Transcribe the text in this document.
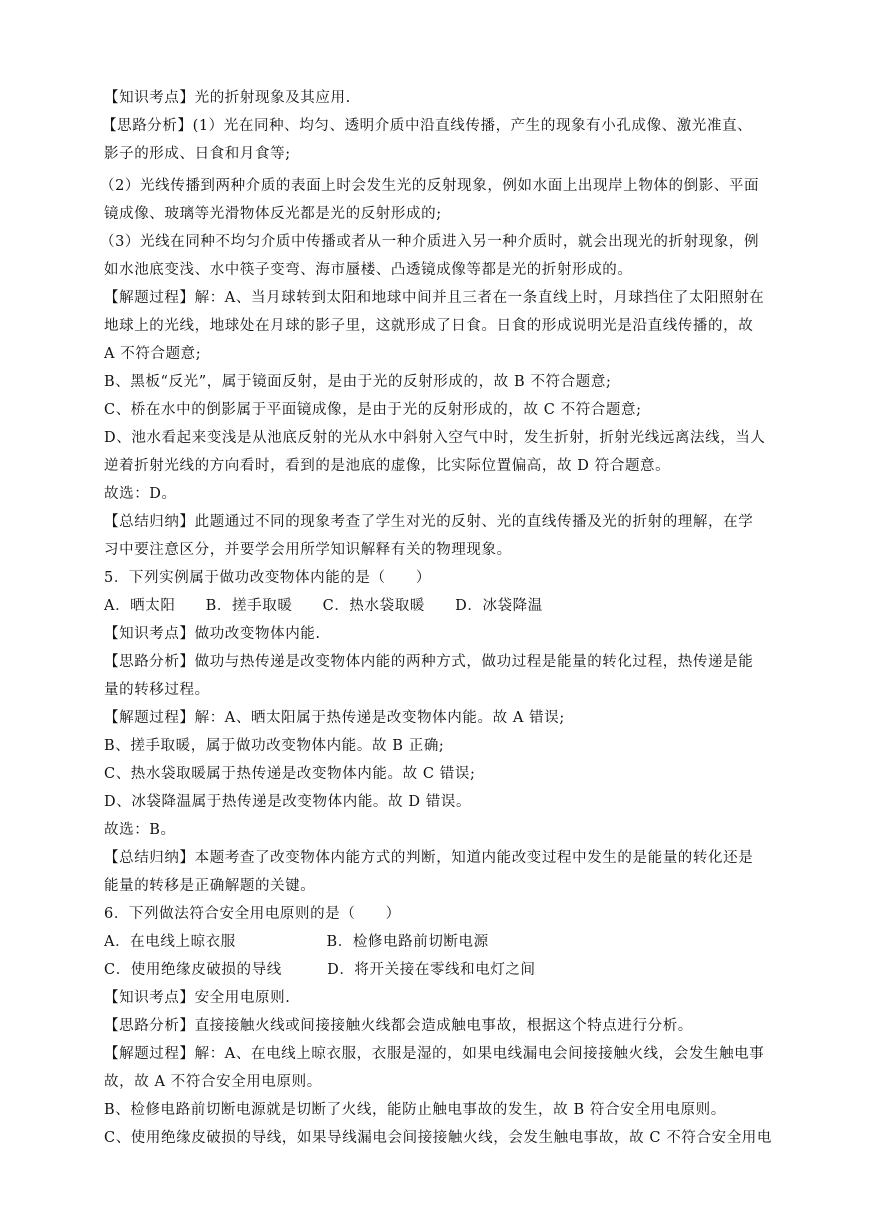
【知识考点】光的折射现象及其应用.
【思路分析】(1）光在同种、均匀、透明介质中沿直线传播，产生的现象有小孔成像、激光准直、
影子的形成、日食和月食等;
（2）光线传播到两种介质的表面上时会发生光的反射现象，例如水面上出现岸上物体的倒影、平面
镜成像、玻璃等光滑物体反光都是光的反射形成的;
（3）光线在同种不均匀介质中传播或者从一种介质进入另一种介质时，就会出现光的折射现象，例
如水池底变浅、水中筷子变弯、海市蜃楼、凸透镜成像等都是光的折射形成的。
【解题过程】解：A、当月球转到太阳和地球中间并且三者在一条直线上时，月球挡住了太阳照射在
地球上的光线，地球处在月球的影子里，这就形成了日食。日食的形成说明光是沿直线传播的，故
A 不符合题意;
B、黑板“反光”，属于镜面反射，是由于光的反射形成的，故 B 不符合题意;
C、桥在水中的倒影属于平面镜成像，是由于光的反射形成的，故 C 不符合题意;
D、池水看起来变浅是从池底反射的光从水中斜射入空气中时，发生折射，折射光线远离法线，当人
逆着折射光线的方向看时，看到的是池底的虚像，比实际位置偏高，故 D 符合题意。
故选：D。
【总结归纳】此题通过不同的现象考查了学生对光的反射、光的直线传播及光的折射的理解，在学
习中要注意区分，并要学会用所学知识解释有关的物理现象。
5．下列实例属于做功改变物体内能的是（　　）
A．晒太阳　　B．搓手取暖　　C．热水袋取暖　　D．冰袋降温
【知识考点】做功改变物体内能.
【思路分析】做功与热传递是改变物体内能的两种方式，做功过程是能量的转化过程，热传递是能
量的转移过程。
【解题过程】解：A、晒太阳属于热传递是改变物体内能。故 A 错误;
B、搓手取暖，属于做功改变物体内能。故 B 正确;
C、热水袋取暖属于热传递是改变物体内能。故 C 错误;
D、冰袋降温属于热传递是改变物体内能。故 D 错误。
故选：B。
【总结归纳】本题考查了改变物体内能方式的判断，知道内能改变过程中发生的是能量的转化还是
能量的转移是正确解题的关键。
6．下列做法符合安全用电原则的是（　　）
A．在电线上晾衣服　　　　　　B．检修电路前切断电源
C．使用绝缘皮破损的导线　　　D．将开关接在零线和电灯之间
【知识考点】安全用电原则.
【思路分析】直接接触火线或间接接触火线都会造成触电事故，根据这个特点进行分析。
【解题过程】解：A、在电线上晾衣服，衣服是湿的，如果电线漏电会间接接触火线，会发生触电事
故，故 A 不符合安全用电原则。
B、检修电路前切断电源就是切断了火线，能防止触电事故的发生，故 B 符合安全用电原则。
C、使用绝缘皮破损的导线，如果导线漏电会间接接触火线，会发生触电事故，故 C 不符合安全用电
